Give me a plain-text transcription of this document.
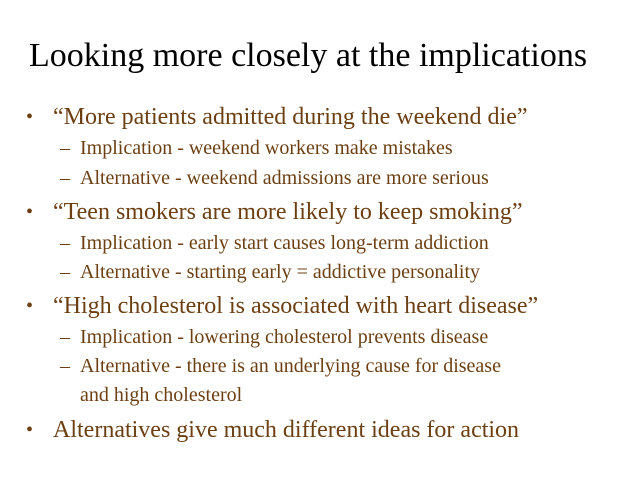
Looking more closely at the implications
• “More patients admitted during the weekend die”
– Implication - weekend workers make mistakes
– Alternative - weekend admissions are more serious
• “Teen smokers are more likely to keep smoking”
– Implication - early start causes long-term addiction
– Alternative - starting early = addictive personality
• “High cholesterol is associated with heart disease”
– Implication - lowering cholesterol prevents disease
– Alternative - there is an underlying cause for disease
and high cholesterol
• Alternatives give much different ideas for action
